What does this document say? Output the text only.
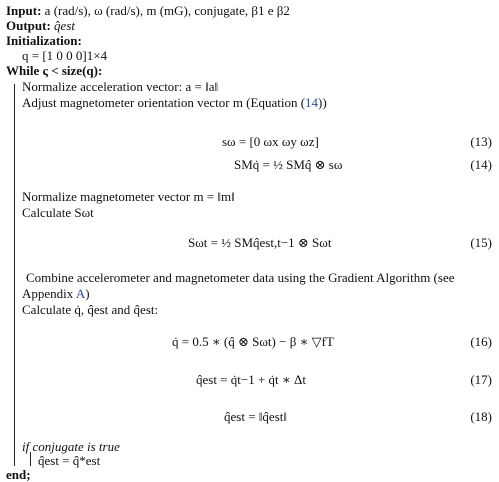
Input: a (rad/s), ω (rad/s), m (mG), conjugate, β1 e β2
Output: q̂est
Initialization:
q = [1 0 0 0]1×4
While ς < size(q):
Normalize acceleration vector: a = ‖a‖
Adjust magnetometer orientation vector m (Equation (14))
sω = [0 ωx ωy ωz]	(13)
SMq̇ = ½ SMq̂ ⊗ sω	(14)
Normalize magnetometer vector m = ‖m‖
Calculate Sωt
Sωt = ½ SMq̂est,t−1 ⊗ Sωt	(15)
Combine accelerometer and magnetometer data using the Gradient Algorithm (see
Appendix A)
Calculate q̇, q̂est and q̂est:
q̇ = 0.5 ∗ (q̂ ⊗ Sωt) − β ∗ ▽fT	(16)
q̂est = q̇t−1 + q̇t ∗ Δt	(17)
q̂est = ‖q̂est‖	(18)
if conjugate is true
q̂est = q̂*est
end;
